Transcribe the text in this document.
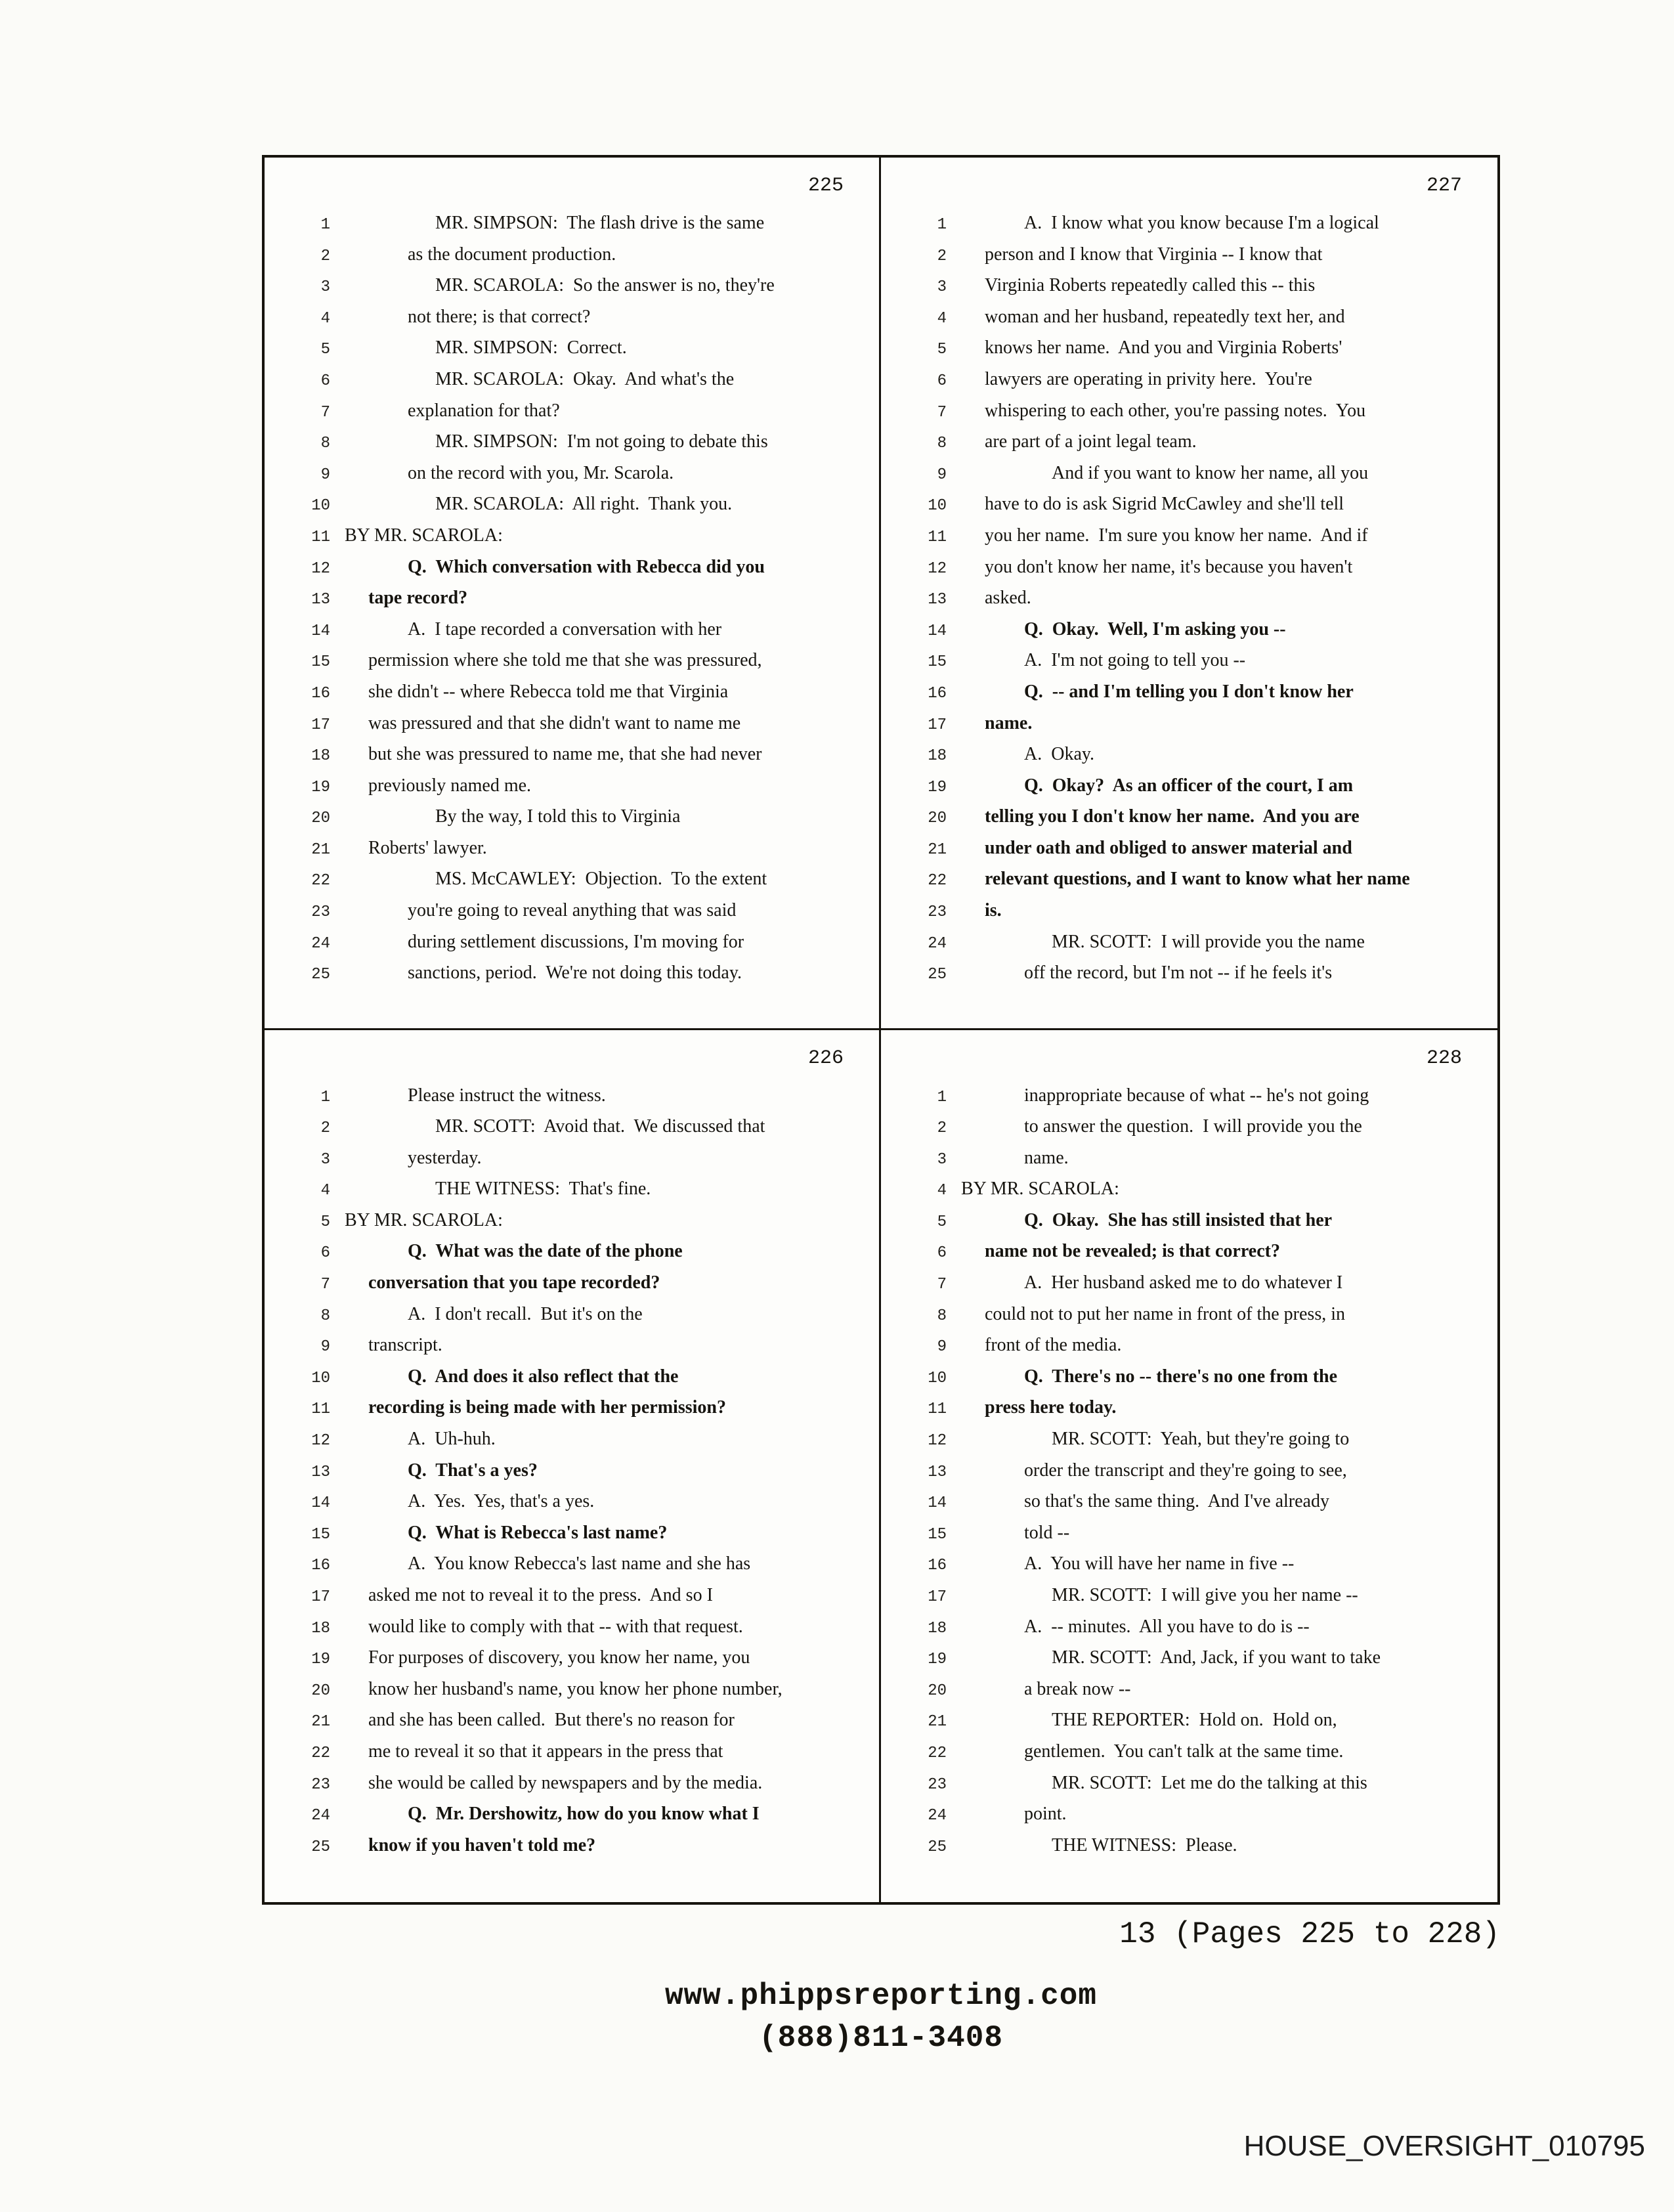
225
1	MR. SIMPSON:  The flash drive is the same
2	as the document production.
3	MR. SCAROLA:  So the answer is no, they're
4	not there; is that correct?
5	MR. SIMPSON:  Correct.
6	MR. SCAROLA:  Okay.  And what's the
7	explanation for that?
8	MR. SIMPSON:  I'm not going to debate this
9	on the record with you, Mr. Scarola.
10	MR. SCAROLA:  All right.  Thank you.
11 BY MR. SCAROLA:
12	Q.  Which conversation with Rebecca did you
13 tape record?
14	A.  I tape recorded a conversation with her
15 permission where she told me that she was pressured,
16 she didn't -- where Rebecca told me that Virginia
17 was pressured and that she didn't want to name me
18 but she was pressured to name me, that she had never
19 previously named me.
20	By the way, I told this to Virginia
21 Roberts' lawyer.
22	MS. McCAWLEY:  Objection.  To the extent
23	you're going to reveal anything that was said
24	during settlement discussions, I'm moving for
25	sanctions, period.  We're not doing this today.
227
1	A.  I know what you know because I'm a logical
2 person and I know that Virginia -- I know that
3 Virginia Roberts repeatedly called this -- this
4 woman and her husband, repeatedly text her, and
5 knows her name.  And you and Virginia Roberts'
6 lawyers are operating in privity here.  You're
7 whispering to each other, you're passing notes.  You
8 are part of a joint legal team.
9	And if you want to know her name, all you
10 have to do is ask Sigrid McCawley and she'll tell
11 you her name.  I'm sure you know her name.  And if
12 you don't know her name, it's because you haven't
13 asked.
14	Q.  Okay.  Well, I'm asking you --
15	A.  I'm not going to tell you --
16	Q.  -- and I'm telling you I don't know her
17 name.
18	A.  Okay.
19	Q.  Okay?  As an officer of the court, I am
20 telling you I don't know her name.  And you are
21 under oath and obliged to answer material and
22 relevant questions, and I want to know what her name
23 is.
24	MR. SCOTT:  I will provide you the name
25	off the record, but I'm not -- if he feels it's
226
1	Please instruct the witness.
2	MR. SCOTT:  Avoid that.  We discussed that
3	yesterday.
4	THE WITNESS:  That's fine.
5 BY MR. SCAROLA:
6	Q.  What was the date of the phone
7 conversation that you tape recorded?
8	A.  I don't recall.  But it's on the
9 transcript.
10	Q.  And does it also reflect that the
11 recording is being made with her permission?
12	A.  Uh-huh.
13	Q.  That's a yes?
14	A.  Yes.  Yes, that's a yes.
15	Q.  What is Rebecca's last name?
16	A.  You know Rebecca's last name and she has
17 asked me not to reveal it to the press.  And so I
18 would like to comply with that -- with that request.
19 For purposes of discovery, you know her name, you
20 know her husband's name, you know her phone number,
21 and she has been called.  But there's no reason for
22 me to reveal it so that it appears in the press that
23 she would be called by newspapers and by the media.
24	Q.  Mr. Dershowitz, how do you know what I
25 know if you haven't told me?
228
1	inappropriate because of what -- he's not going
2	to answer the question.  I will provide you the
3	name.
4 BY MR. SCAROLA:
5	Q.  Okay.  She has still insisted that her
6 name not be revealed; is that correct?
7	A.  Her husband asked me to do whatever I
8 could not to put her name in front of the press, in
9 front of the media.
10	Q.  There's no -- there's no one from the
11 press here today.
12	MR. SCOTT:  Yeah, but they're going to
13	order the transcript and they're going to see,
14	so that's the same thing.  And I've already
15	told --
16	A.  You will have her name in five --
17	MR. SCOTT:  I will give you her name --
18	A.  -- minutes.  All you have to do is --
19	MR. SCOTT:  And, Jack, if you want to take
20	a break now --
21	THE REPORTER:  Hold on.  Hold on,
22	gentlemen.  You can't talk at the same time.
23	MR. SCOTT:  Let me do the talking at this
24	point.
25	THE WITNESS:  Please.
13 (Pages 225 to 228)
www.phippsreporting.com
(888)811-3408
HOUSE_OVERSIGHT_010795
